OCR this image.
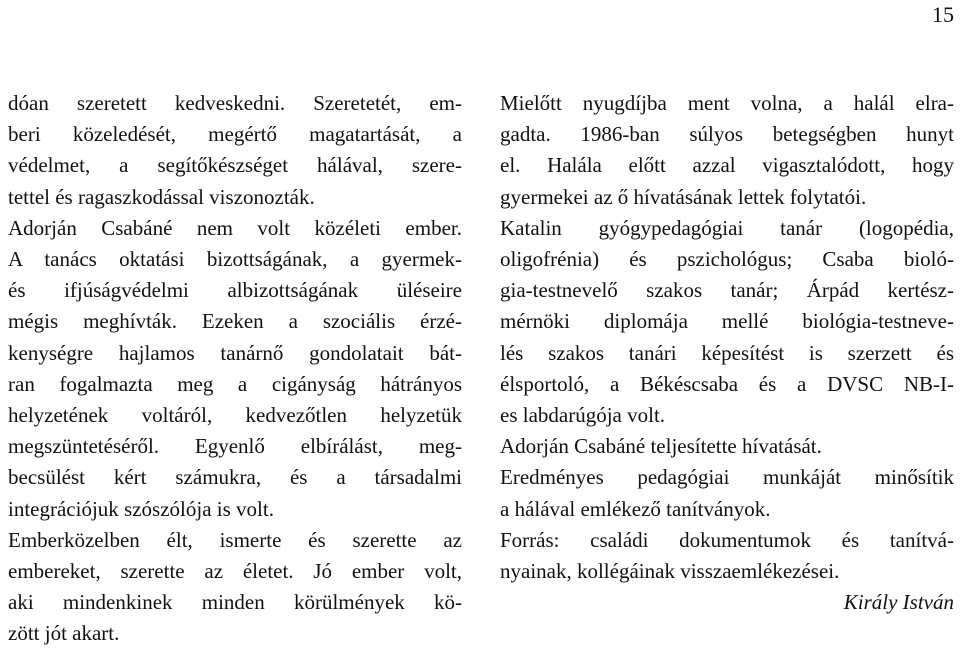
15
dóan szeretett kedveskedni. Szeretetét, em-
beri közeledését, megértő magatartását, a
védelmet, a segítőkészséget hálával, szere-
tettel és ragaszkodással viszonozták.
Adorján Csabáné nem volt közéleti ember.
A tanács oktatási bizottságának, a gyermek-
és ifjúságvédelmi albizottságának üléseire
mégis meghívták. Ezeken a szociális érzé-
kenységre hajlamos tanárnő gondolatait bát-
ran fogalmazta meg a cigányság hátrányos
helyzetének voltáról, kedvezőtlen helyzetük
megszüntetéséről. Egyenlő elbírálást, meg-
becsülést kért számukra, és a társadalmi
integrációjuk szószólója is volt.
Emberközelben élt, ismerte és szerette az
embereket, szerette az életet. Jó ember volt,
aki mindenkinek minden körülmények kö-
zött jót akart.
Mielőtt nyugdíjba ment volna, a halál elra-
gadta. 1986-ban súlyos betegségben hunyt
el. Halála előtt azzal vigasztalódott, hogy
gyermekei az ő hívatásának lettek folytatói.
Katalin gyógypedagógiai tanár (logopédia,
oligofrénia) és pszichológus; Csaba bioló-
gia-testnevelő szakos tanár; Árpád kertész-
mérnöki diplomája mellé biológia-testneve-
lés szakos tanári képesítést is szerzett és
élsportoló, a Békéscsaba és a DVSC NB-I-
es labdarúgója volt.
Adorján Csabáné teljesítette hívatását.
Eredményes pedagógiai munkáját minősítik
a hálával emlékező tanítványok.
Forrás: családi dokumentumok és tanítvá-
nyainak, kollégáinak visszaemlékezései.
Király István
